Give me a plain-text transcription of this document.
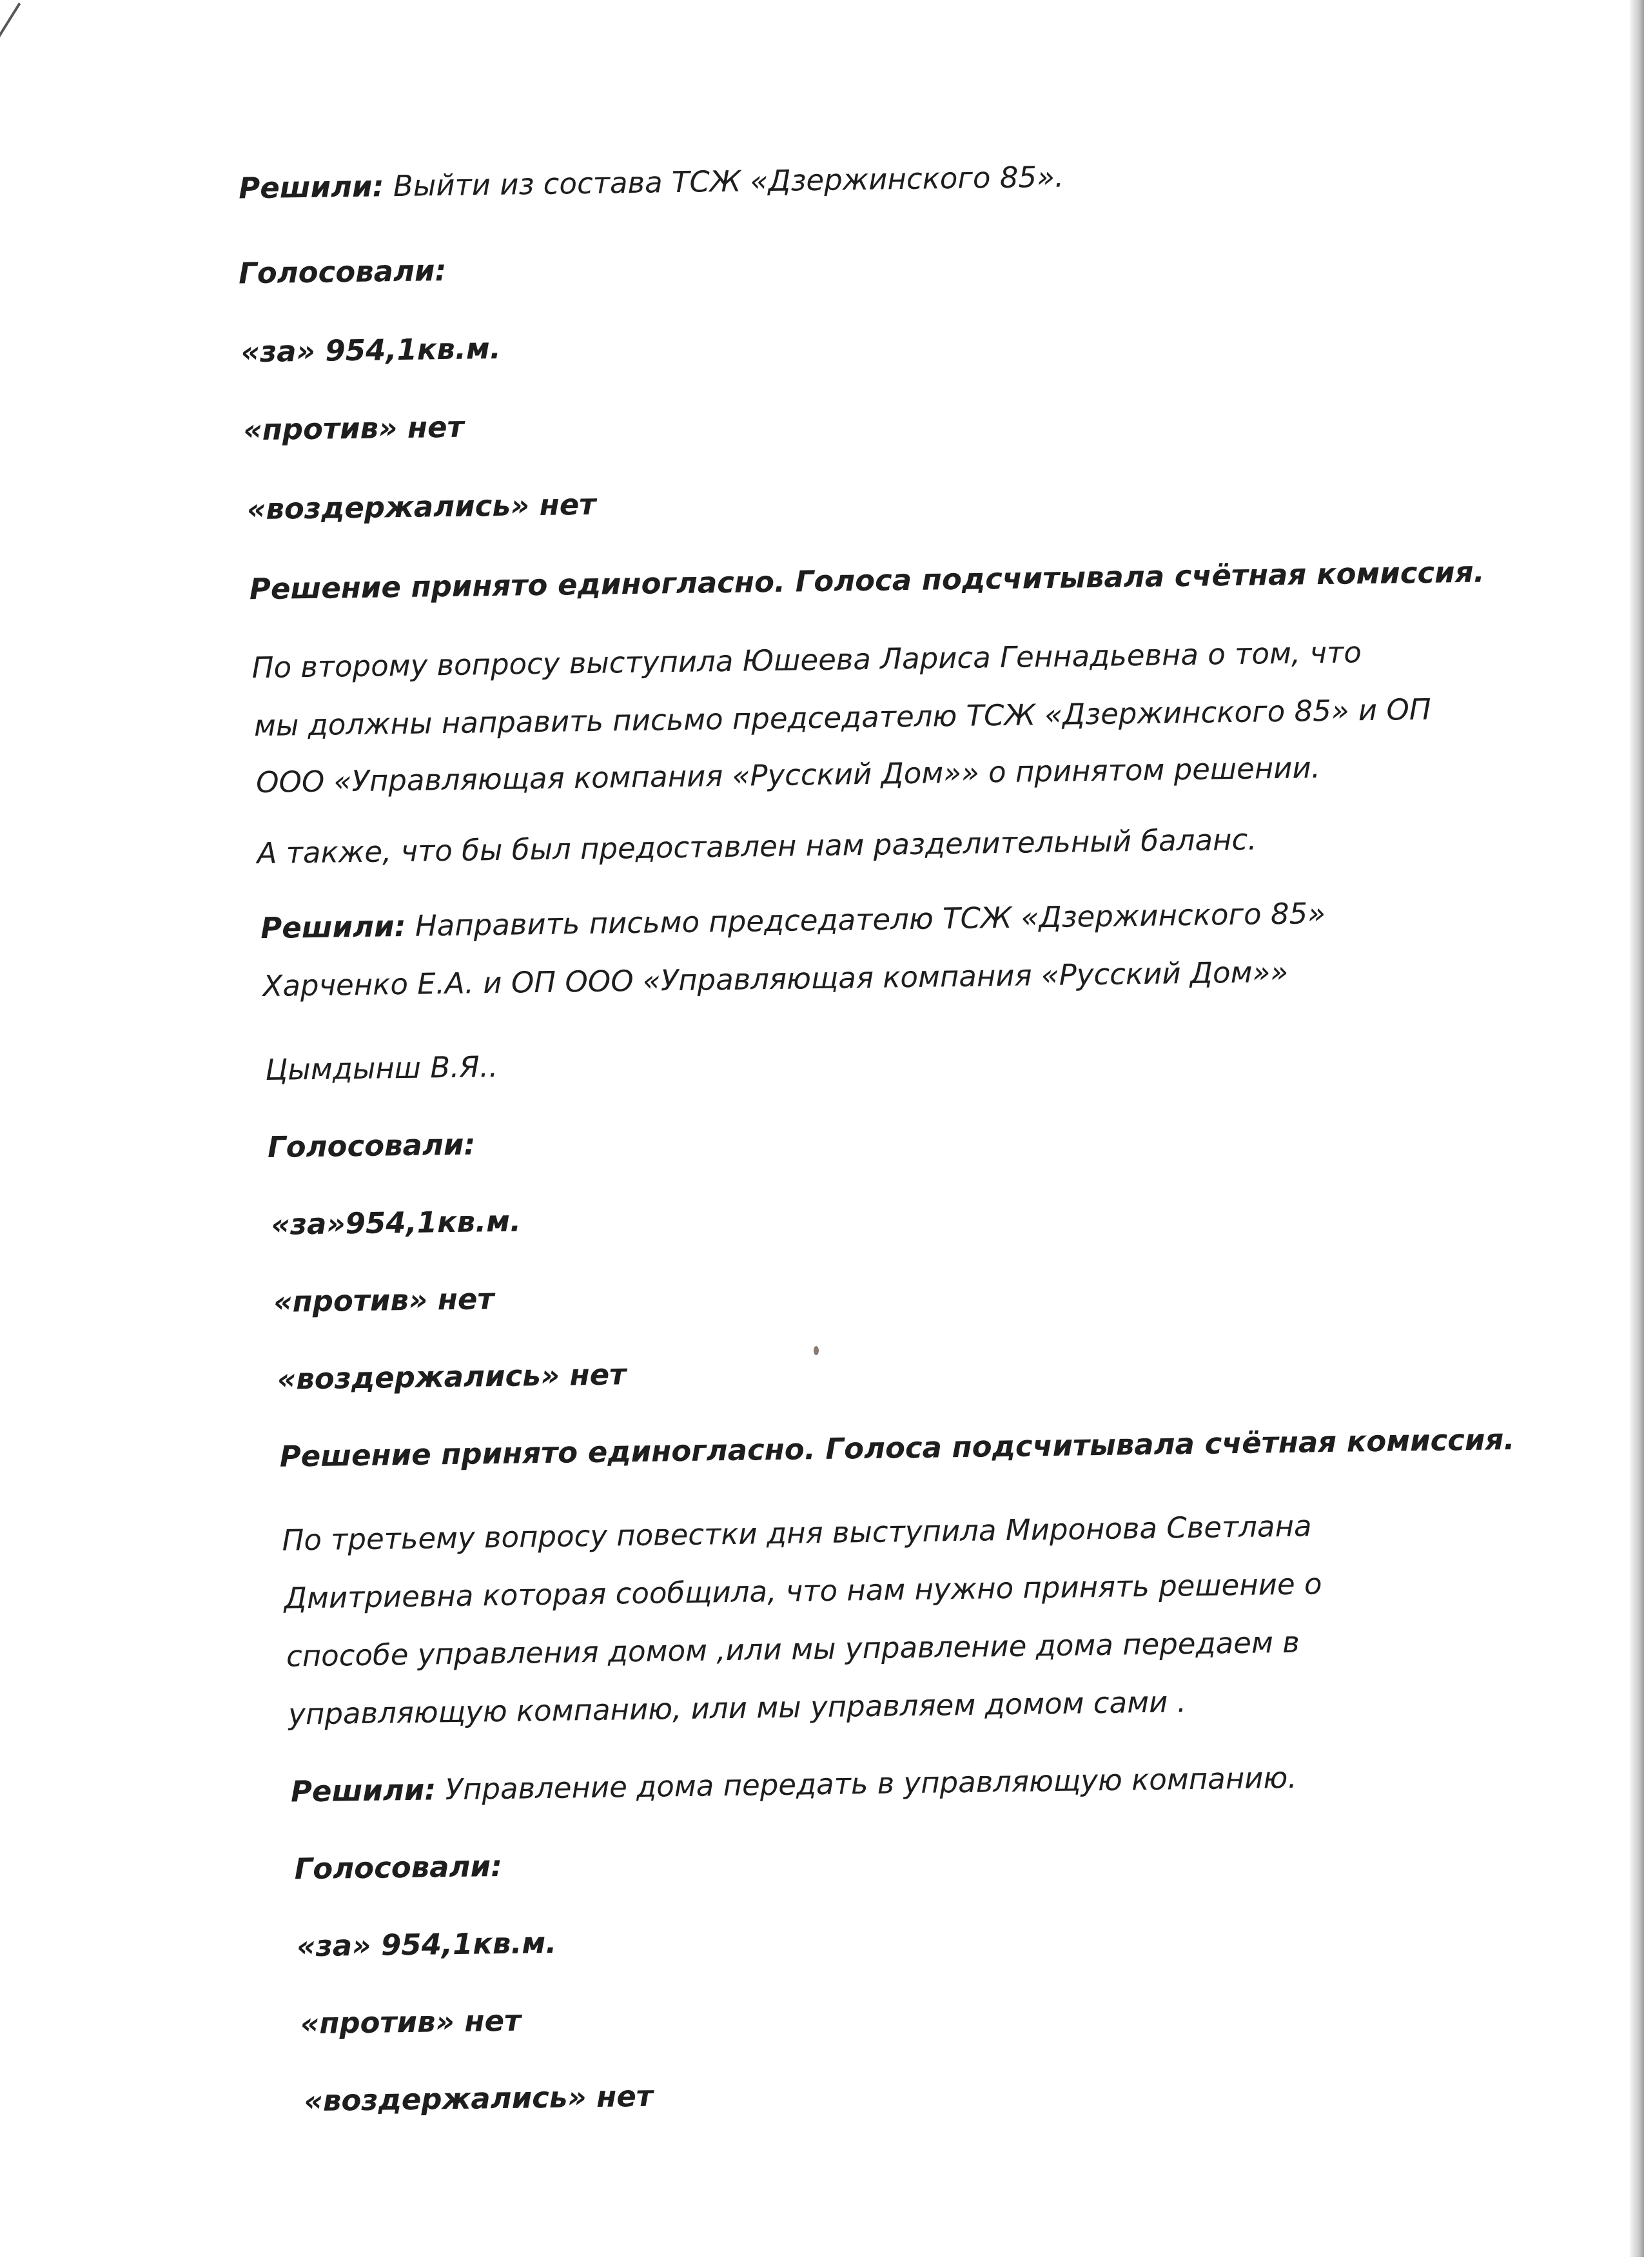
Решили: Выйти из состава ТСЖ «Дзержинского 85».
Голосовали:
«за» 954,1кв.м.
«против» нет
«воздержались» нет
Решение принято единогласно. Голоса подсчитывала счётная комиссия.
По второму вопросу выступила Юшеева Лариса Геннадьевна о том, что
мы должны направить письмо председателю ТСЖ «Дзержинского 85» и ОП
ООО «Управляющая компания «Русский Дом»» о принятом решении.
А также, что бы был предоставлен нам разделительный баланс.
Решили: Направить письмо председателю ТСЖ «Дзержинского 85»
Харченко Е.А. и ОП ООО «Управляющая компания «Русский Дом»»
Цымдынш В.Я..
Голосовали:
«за»954,1кв.м.
«против» нет
«воздержались» нет
Решение принято единогласно. Голоса подсчитывала счётная комиссия.
По третьему вопросу повестки дня выступила Миронова Светлана
Дмитриевна которая сообщила, что нам нужно принять решение о
способе управления домом ,или мы управление дома передаем в
управляющую компанию, или мы управляем домом сами .
Решили: Управление дома передать в управляющую компанию.
Голосовали:
«за» 954,1кв.м.
«против» нет
«воздержались» нет
